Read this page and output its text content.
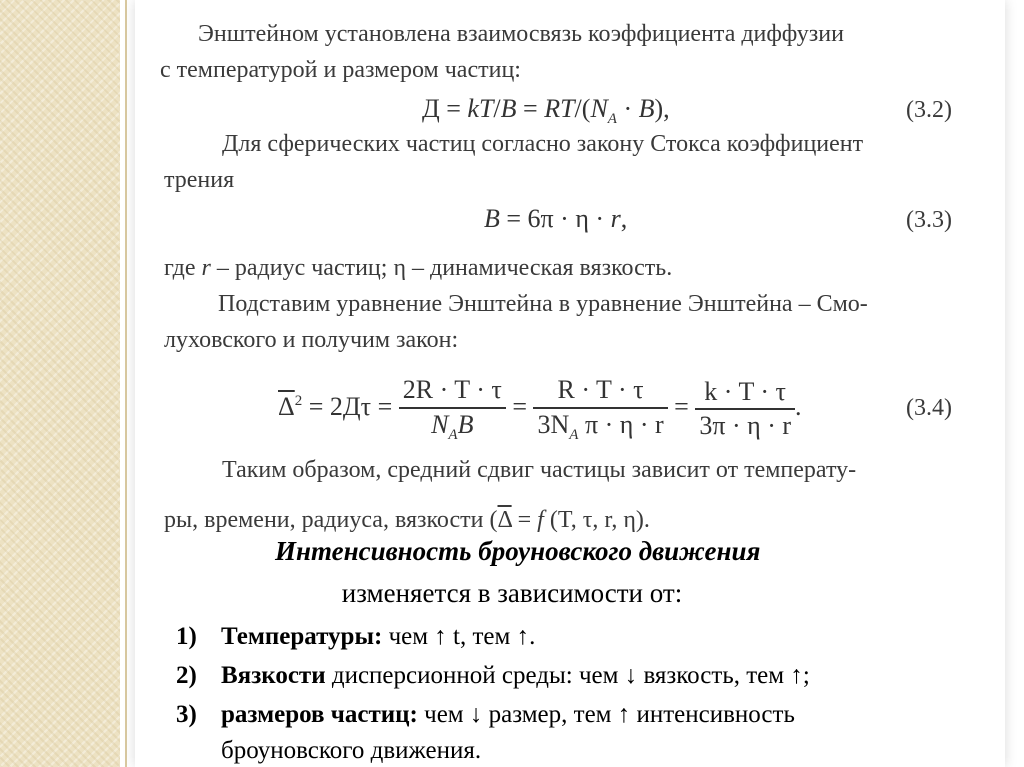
Энштейном установлена взаимосвязь коэффициента диффузии
с температурой и размером частиц:
$Д = kT/B = RT/(N_A \cdot B)$,	(3.2)
Для сферических частиц согласно закону Стокса коэффициент
трения
B = 6π · η · r,	(3.3)
где r – радиус частиц; η – динамическая вязкость.
Подставим уравнение Энштейна в уравнение Энштейна – Смо-
луховского и получим закон:
$\overline{\Delta}^2 = 2Д\tau = \frac{2R \cdot T \cdot \tau}{N_AB} = \frac{R \cdot T \cdot \tau}{3N_A \pi \cdot \eta \cdot r} = \frac{k \cdot T \cdot \tau}{3\pi \cdot \eta \cdot r}$ .	(3.4)
Таким образом, средний сдвиг частицы зависит от температу-
ры, времени, радиуса, вязкости ($\overline{\Delta} = f$ (T, τ, r, η).
Интенсивность броуновского движения
изменяется в зависимости от:
1) Температуры: чем ↑ t, тем ↑.
2) Вязкости дисперсионной среды: чем ↓ вязкость, тем ↑;
3) размеров частиц: чем ↓ размер, тем ↑ интенсивность
броуновского движения.
